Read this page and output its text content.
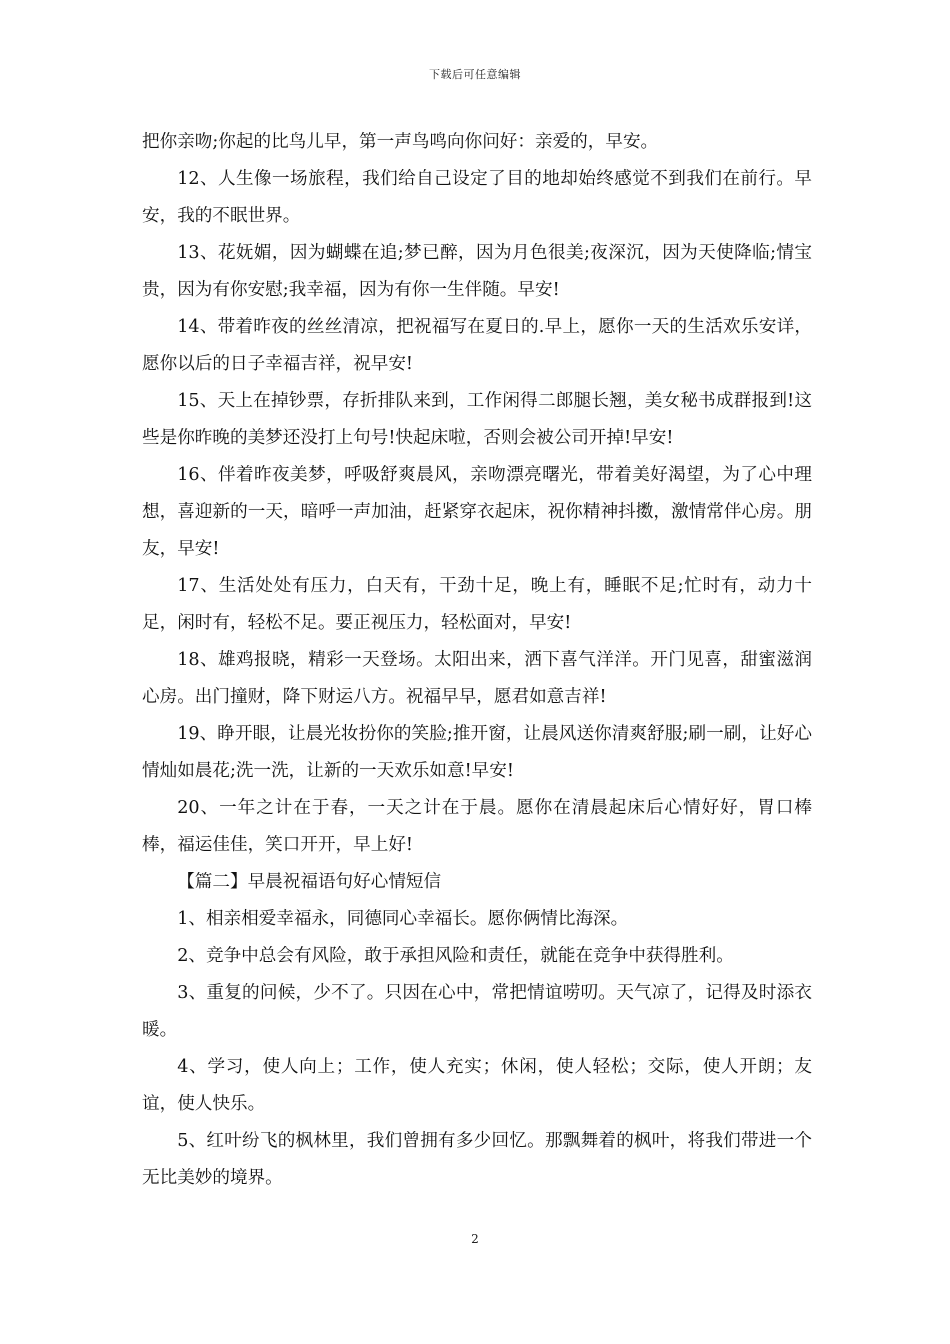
下载后可任意编辑

把你亲吻;你起的比鸟儿早，第一声鸟鸣向你问好：亲爱的，早安。

12、人生像一场旅程，我们给自己设定了目的地却始终感觉不到我们在前行。早安，我的不眠世界。

13、花妩媚，因为蝴蝶在追;梦已醉，因为月色很美;夜深沉，因为天使降临;情宝贵，因为有你安慰;我幸福，因为有你一生伴随。早安!

14、带着昨夜的丝丝清凉，把祝福写在夏日的.早上，愿你一天的生活欢乐安详，愿你以后的日子幸福吉祥，祝早安!

15、天上在掉钞票，存折排队来到，工作闲得二郎腿长翘，美女秘书成群报到!这些是你昨晚的美梦还没打上句号!快起床啦，否则会被公司开掉!早安!

16、伴着昨夜美梦，呼吸舒爽晨风，亲吻漂亮曙光，带着美好渴望，为了心中理想，喜迎新的一天，暗呼一声加油，赶紧穿衣起床，祝你精神抖擞，激情常伴心房。朋友，早安!

17、生活处处有压力，白天有，干劲十足，晚上有，睡眠不足;忙时有，动力十足，闲时有，轻松不足。要正视压力，轻松面对，早安!

18、雄鸡报晓，精彩一天登场。太阳出来，洒下喜气洋洋。开门见喜，甜蜜滋润心房。出门撞财，降下财运八方。祝福早早，愿君如意吉祥!

19、睁开眼，让晨光妆扮你的笑脸;推开窗，让晨风送你清爽舒服;刷一刷，让好心情灿如晨花;洗一洗，让新的一天欢乐如意!早安!

20、一年之计在于春，一天之计在于晨。愿你在清晨起床后心情好好，胃口棒棒，福运佳佳，笑口开开，早上好!

【篇二】早晨祝福语句好心情短信

1、相亲相爱幸福永，同德同心幸福长。愿你俩情比海深。

2、竞争中总会有风险，敢于承担风险和责任，就能在竞争中获得胜利。

3、重复的问候，少不了。只因在心中，常把情谊唠叨。天气凉了，记得及时添衣暖。

4、学习，使人向上；工作，使人充实；休闲，使人轻松；交际，使人开朗；友谊，使人快乐。

5、红叶纷飞的枫林里，我们曾拥有多少回忆。那飘舞着的枫叶，将我们带进一个无比美妙的境界。

2
